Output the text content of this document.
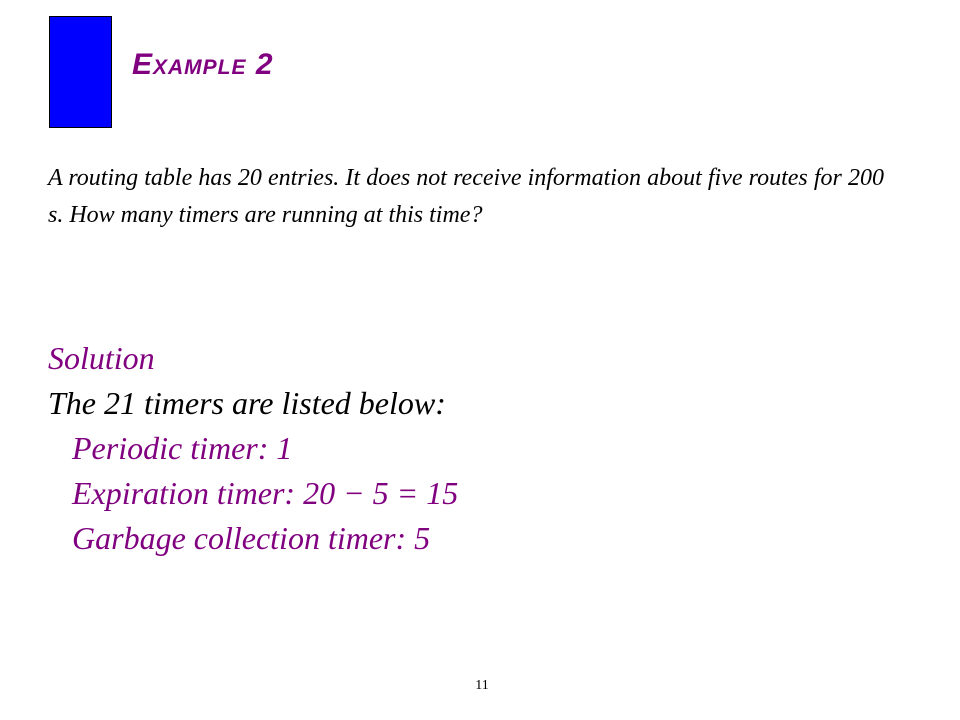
Example 2

A routing table has 20 entries. It does not receive information about five routes for 200 s. How many timers are running at this time?

Solution
The 21 timers are listed below:
Periodic timer: 1
Expiration timer: 20 − 5 = 15
Garbage collection timer: 5
11
